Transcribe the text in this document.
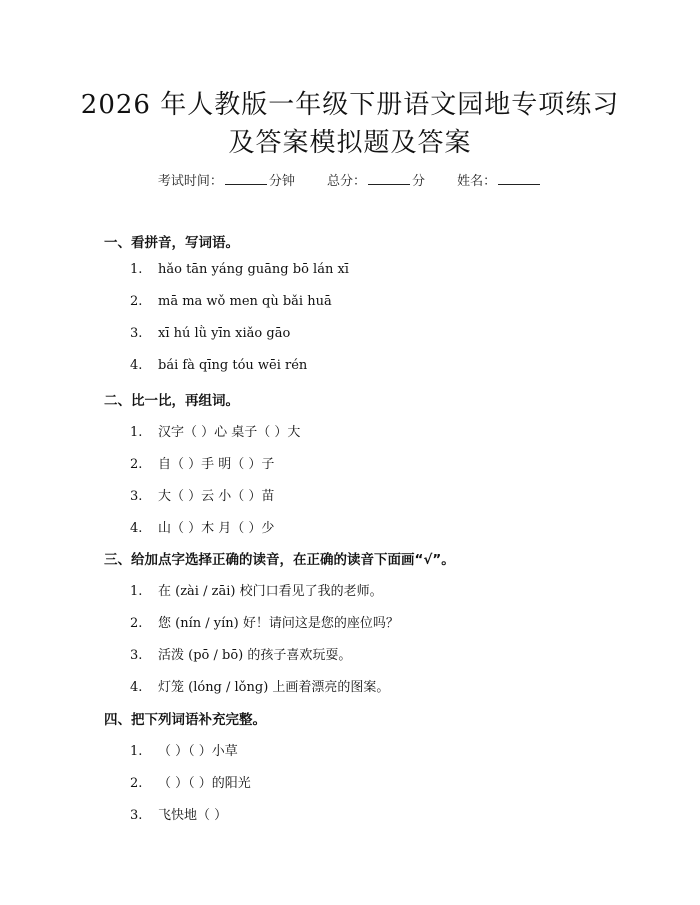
2026 年人教版一年级下册语文园地专项练习
及答案模拟题及答案
考试时间：	分钟 总分：	分 姓名：
一、看拼音，写词语。
1. hǎo tān yáng guāng bō lán xī
2. mā ma wǒ men qù bǎi huā
3. xī hú lǜ yīn xiǎo gāo
4. bái fà qīng tóu wēi rén
二、比一比，再组词。
1. 汉字（ ）心 桌子（ ）大
2. 自（ ）手 明（ ）子
3. 大（ ）云 小（ ）苗
4. 山（ ）木 月（ ）少
三、给加点字选择正确的读音，在正确的读音下面画“√”。
1. 在 (zài / zāi) 校门口看见了我的老师。
2. 您 (nín / yín) 好！请问这是您的座位吗？
3. 活泼 (pō / bō) 的孩子喜欢玩耍。
4. 灯笼 (lóng / lǒng) 上画着漂亮的图案。
四、把下列词语补充完整。
1. （ ）（ ）小草
2. （ ）（ ）的阳光
3. 飞快地（ ）
